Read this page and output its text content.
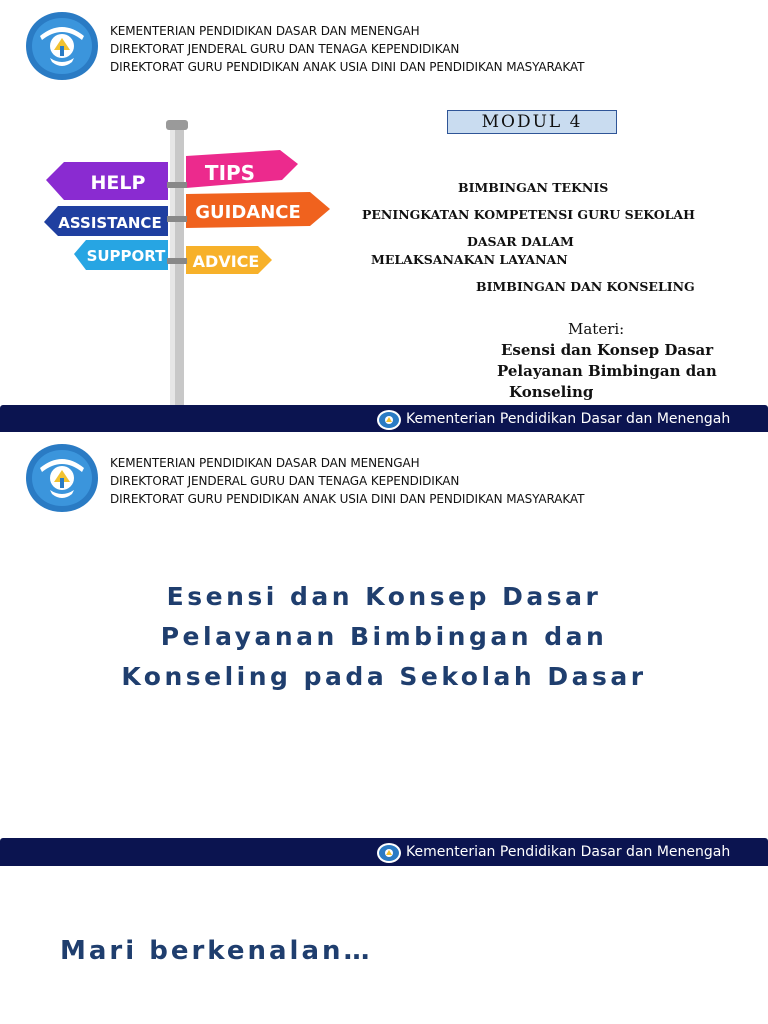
KEMENTERIAN PENDIDIKAN DASAR DAN MENENGAH
DIREKTORAT JENDERAL GURU DAN TENAGA KEPENDIDIKAN
DIREKTORAT GURU PENDIDIKAN ANAK USIA DINI DAN PENDIDIKAN MASYARAKAT
HELP	TIPS
ASSISTANCE GUIDANCE
SUPPORT ADVICE
MODUL 4
BIMBINGAN TEKNIS
PENINGKATAN KOMPETENSI GURU SEKOLAH
DASAR DALAM
MELAKSANAKAN LAYANAN
BIMBINGAN DAN KONSELING
Materi:
Esensi dan Konsep Dasar
Pelayanan Bimbingan dan
Konseling
Kementerian Pendidikan Dasar dan Menengah
KEMENTERIAN PENDIDIKAN DASAR DAN MENENGAH
DIREKTORAT JENDERAL GURU DAN TENAGA KEPENDIDIKAN
DIREKTORAT GURU PENDIDIKAN ANAK USIA DINI DAN PENDIDIKAN MASYARAKAT
Esensi dan Konsep Dasar
Pelayanan Bimbingan dan
Konseling pada Sekolah Dasar
Kementerian Pendidikan Dasar dan Menengah
Mari berkenalan…
